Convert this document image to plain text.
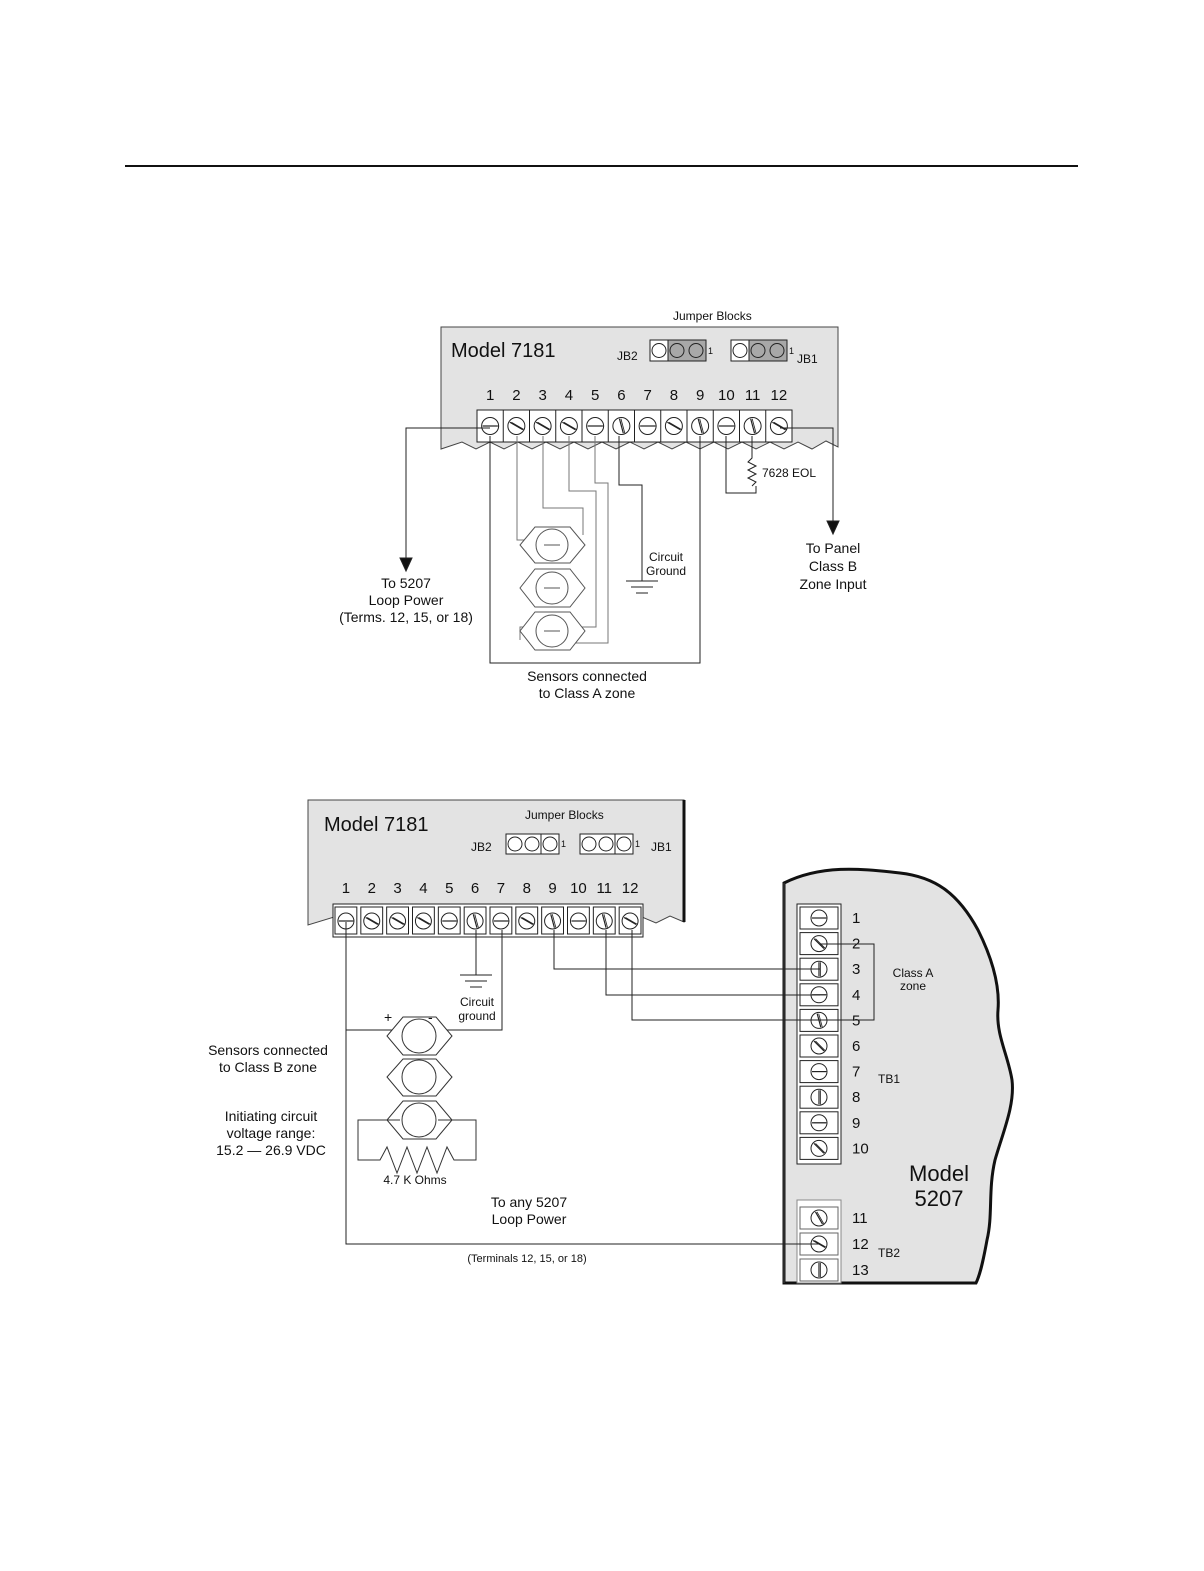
Model 7181
Jumper Blocks
JB2	JB1
1	1
1 2 3 4 5 6 7 8 9 10 11 12
7628 EOL
To 5207
Loop Power
(Terms. 12, 15, or 18)
Circuit
Ground
To Panel
Class B
Zone Input
Sensors connected
to Class A zone
Model 7181	Jumper Blocks
JB2	JB1
1	1
1 2 3 4 5 6 7 8 9 10 11 12
1
2
3
4
5
6
7
8
9
10
11
12
13
Circuit
ground
+	-
Sensors connected
to Class B zone
Initiating circuit
voltage range:
15.2 — 26.9 VDC
4.7 K Ohms
To any 5207
Loop Power
(Terminals 12, 15, or 18)
Class A
zone
TB1
TB2
Model
5207
